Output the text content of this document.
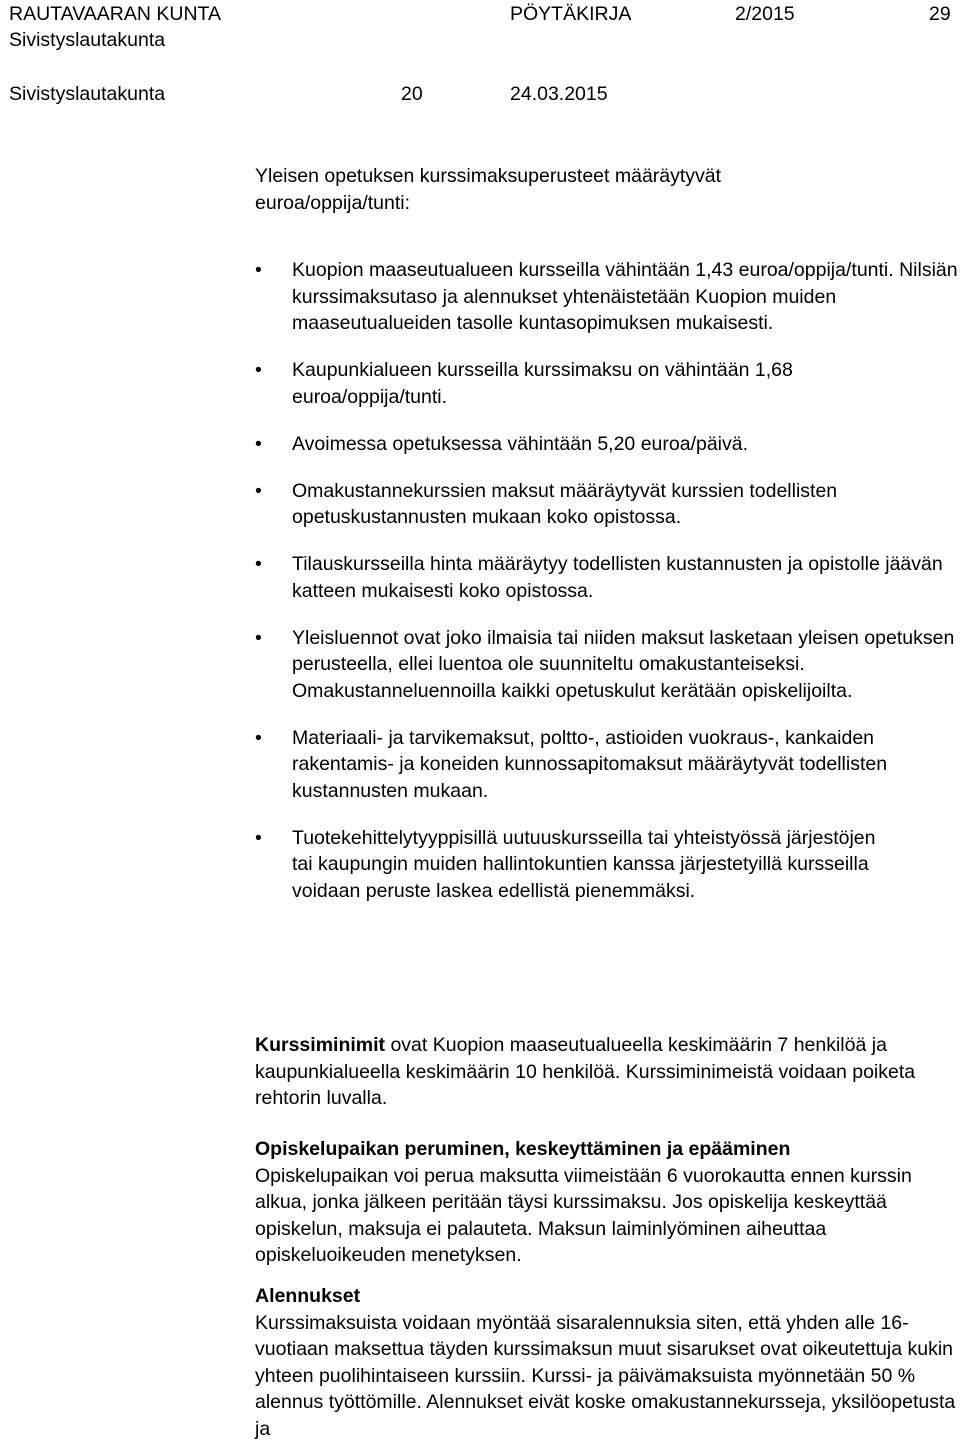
RAUTAVAARAN KUNTA	PÖYTÄKIRJA	2/2015	29
Sivistyslautakunta
Sivistyslautakunta	20	24.03.2015

Yleisen opetuksen kurssimaksuperusteet määräytyvät euroa/oppija/tunti:

• Kuopion maaseutualueen kursseilla vähintään 1,43 euroa/oppija/tunti. Nilsiän kurssimaksutaso ja alennukset yhtenäistetään Kuopion muiden maaseutualueiden tasolle kuntasopimuksen mukaisesti.
• Kaupunkialueen kursseilla kurssimaksu on vähintään 1,68 euroa/oppija/tunti.
• Avoimessa opetuksessa vähintään 5,20 euroa/päivä.
• Omakustannekurssien maksut määräytyvät kurssien todellisten opetuskustannusten mukaan koko opistossa.
• Tilauskursseilla hinta määräytyy todellisten kustannusten ja opistolle jäävän katteen mukaisesti koko opistossa.
• Yleisluennot ovat joko ilmaisia tai niiden maksut lasketaan yleisen opetuksen perusteella, ellei luentoa ole suunniteltu omakustanteiseksi. Omakustanneluennoilla kaikki opetuskulut kerätään opiskelijoilta.
• Materiaali- ja tarvikemaksut, poltto-, astioiden vuokraus-, kankaiden rakentamis- ja koneiden kunnossapitomaksut määräytyvät todellisten kustannusten mukaan.
• Tuotekehittelytyyppisillä uutuuskursseilla tai yhteistyössä järjestöjen tai kaupungin muiden hallintokuntien kanssa järjestetyillä kursseilla voidaan peruste laskea edellistä pienemmäksi.

Kurssiminimit ovat Kuopion maaseutualueella keskimäärin 7 henkilöä ja kaupunkialueella keskimäärin 10 henkilöä. Kurssiminimeistä voidaan poiketa rehtorin luvalla.

Opiskelupaikan peruminen, keskeyttäminen ja epääminen

Opiskelupaikan voi perua maksutta viimeistään 6 vuorokautta ennen kurssin alkua, jonka jälkeen peritään täysi kurssimaksu. Jos opiskelija keskeyttää opiskelun, maksuja ei palauteta. Maksun laiminlyöminen aiheuttaa opiskeluoikeuden menetyksen.

Alennukset

Kurssimaksuista voidaan myöntää sisaralennuksia siten, että yhden alle 16-vuotiaan maksettua täyden kurssimaksun muut sisarukset ovat oikeutettuja kukin yhteen puolihintaiseen kurssiin. Kurssi- ja päivämaksuista myönnetään 50 % alennus työttömille. Alennukset eivät koske omakustannekursseja, yksilöopetusta ja
